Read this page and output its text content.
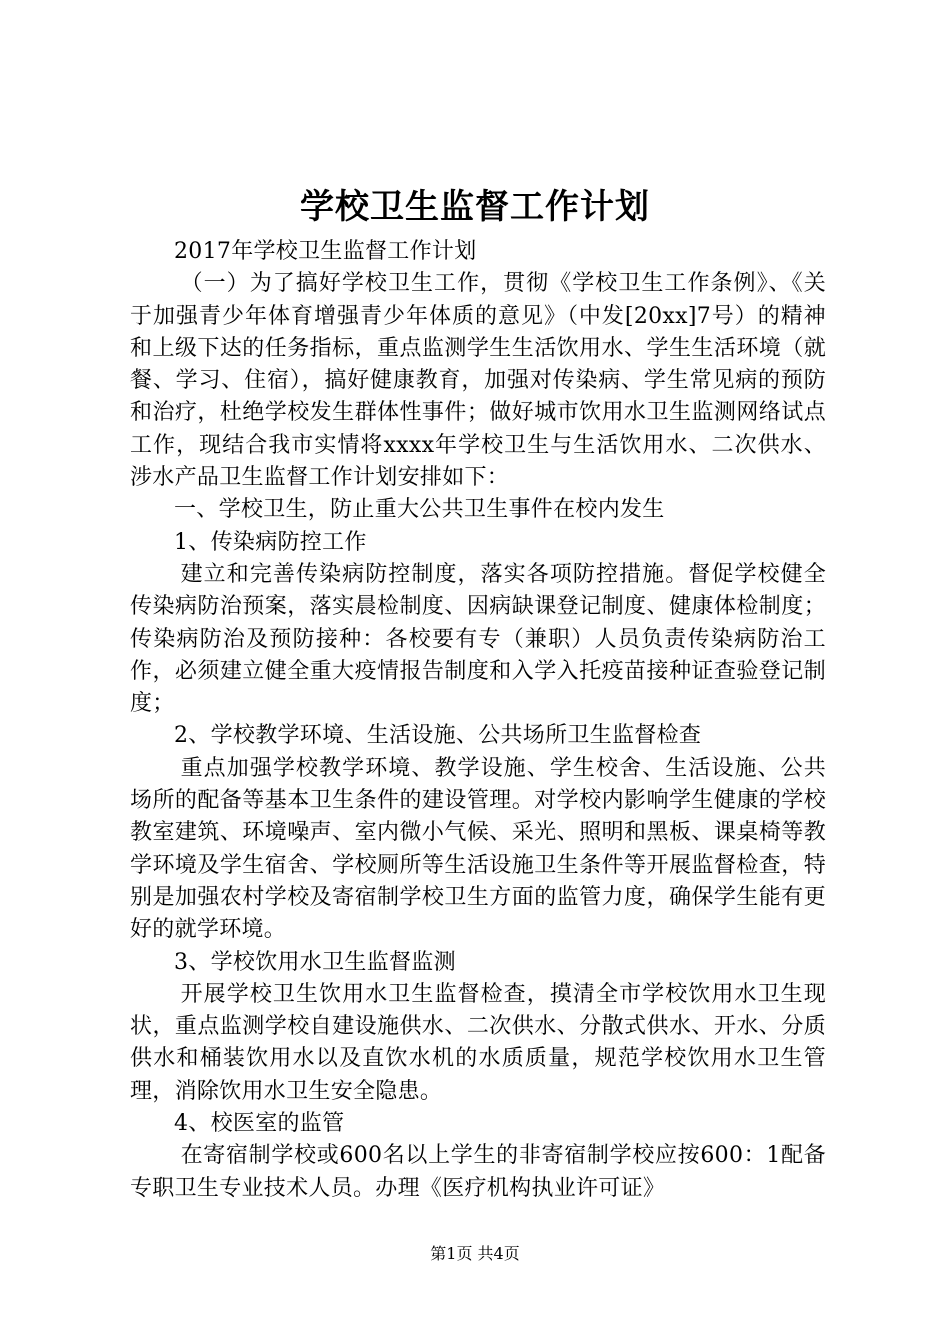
学校卫生监督工作计划

2017年学校卫生监督工作计划

（一）为了搞好学校卫生工作，贯彻《学校卫生工作条例》、《关于加强青少年体育增强青少年体质的意见》（中发[20xx]7号）的精神和上级下达的任务指标，重点监测学生生活饮用水、学生生活环境（就餐、学习、住宿），搞好健康教育，加强对传染病、学生常见病的预防和治疗，杜绝学校发生群体性事件；做好城市饮用水卫生监测网络试点工作，现结合我市实情将xxxx年学校卫生与生活饮用水、二次供水、涉水产品卫生监督工作计划安排如下：

一、学校卫生，防止重大公共卫生事件在校内发生

1、传染病防控工作

建立和完善传染病防控制度，落实各项防控措施。督促学校健全传染病防治预案，落实晨检制度、因病缺课登记制度、健康体检制度；传染病防治及预防接种：各校要有专（兼职）人员负责传染病防治工作，必须建立健全重大疫情报告制度和入学入托疫苗接种证查验登记制度；

2、学校教学环境、生活设施、公共场所卫生监督检查

重点加强学校教学环境、教学设施、学生校舍、生活设施、公共场所的配备等基本卫生条件的建设管理。对学校内影响学生健康的学校教室建筑、环境噪声、室内微小气候、采光、照明和黑板、课桌椅等教学环境及学生宿舍、学校厕所等生活设施卫生条件等开展监督检查，特别是加强农村学校及寄宿制学校卫生方面的监管力度，确保学生能有更好的就学环境。

3、学校饮用水卫生监督监测

开展学校卫生饮用水卫生监督检查，摸清全市学校饮用水卫生现状，重点监测学校自建设施供水、二次供水、分散式供水、开水、分质供水和桶装饮用水以及直饮水机的水质质量，规范学校饮用水卫生管理，消除饮用水卫生安全隐患。

4、校医室的监管

在寄宿制学校或600名以上学生的非寄宿制学校应按600：1配备专职卫生专业技术人员。办理《医疗机构执业许可证》

第1页 共4页
